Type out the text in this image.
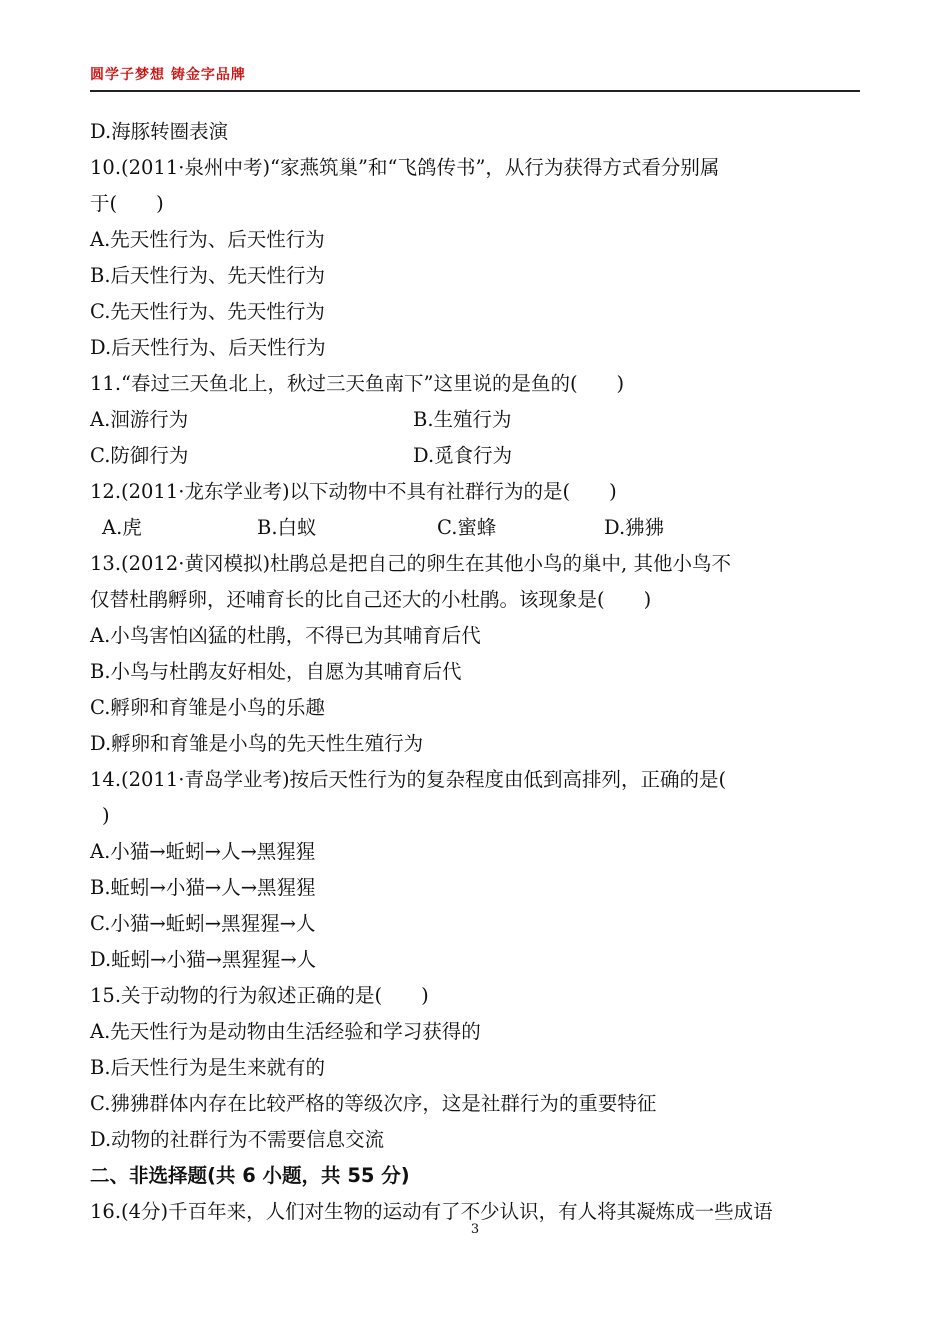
圆学子梦想 铸金字品牌
D.海豚转圈表演
10.(2011·泉州中考)“家燕筑巢”和“飞鸽传书”，从行为获得方式看分别属
于(　　)
A.先天性行为、后天性行为
B.后天性行为、先天性行为
C.先天性行为、先天性行为
D.后天性行为、后天性行为
11.“春过三天鱼北上，秋过三天鱼南下”这里说的是鱼的(　　)
A.洄游行为	B.生殖行为
C.防御行为	D.觅食行为
12.(2011·龙东学业考)以下动物中不具有社群行为的是(　　)
A.虎	B.白蚁	C.蜜蜂	D.狒狒
13.(2012·黄冈模拟)杜鹃总是把自己的卵生在其他小鸟的巢中, 其他小鸟不
仅替杜鹃孵卵，还哺育长的比自己还大的小杜鹃。该现象是(　　)
A.小鸟害怕凶猛的杜鹃，不得已为其哺育后代
B.小鸟与杜鹃友好相处，自愿为其哺育后代
C.孵卵和育雏是小鸟的乐趣
D.孵卵和育雏是小鸟的先天性生殖行为
14.(2011·青岛学业考)按后天性行为的复杂程度由低到高排列，正确的是(
)
A.小猫→蚯蚓→人→黑猩猩
B.蚯蚓→小猫→人→黑猩猩
C.小猫→蚯蚓→黑猩猩→人
D.蚯蚓→小猫→黑猩猩→人
15.关于动物的行为叙述正确的是(　　)
A.先天性行为是动物由生活经验和学习获得的
B.后天性行为是生来就有的
C.狒狒群体内存在比较严格的等级次序，这是社群行为的重要特征
D.动物的社群行为不需要信息交流
二、非选择题(共 6 小题，共 55 分)
16.(4分)千百年来，人们对生物的运动有了不少认识，有人将其凝炼成一些成语
3
